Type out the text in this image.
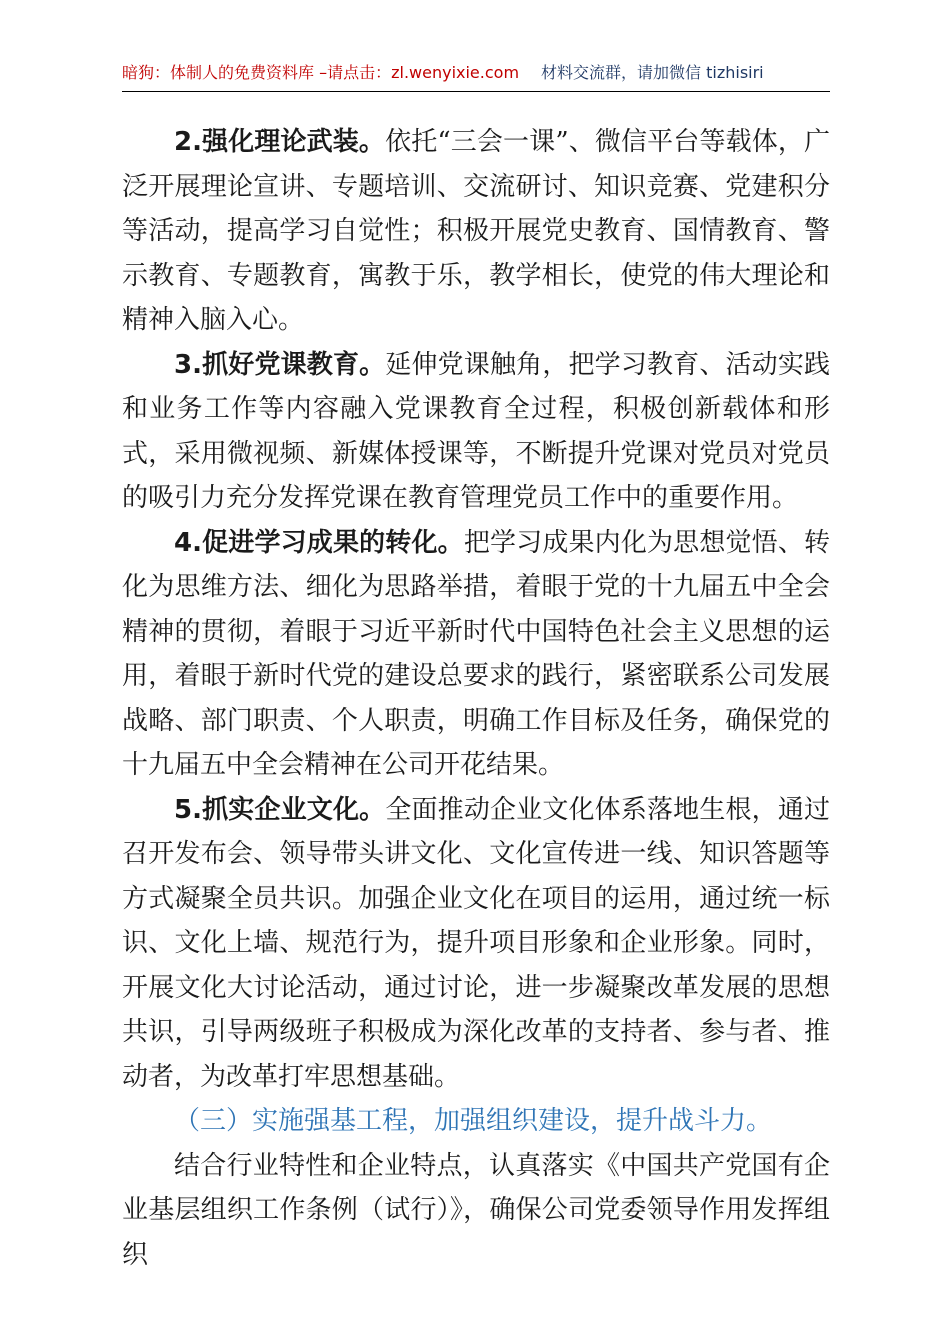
暗狗：体制人的免费资料库 –请点击：zl.wenyixie.com 材料交流群，请加微信 tizhisiri

2.强化理论武装。依托“三会一课”、微信平台等载体，广泛开展理论宣讲、专题培训、交流研讨、知识竞赛、党建积分等活动，提高学习自觉性；积极开展党史教育、国情教育、警示教育、专题教育，寓教于乐，教学相长，使党的伟大理论和精神入脑入心。

3.抓好党课教育。延伸党课触角，把学习教育、活动实践和业务工作等内容融入党课教育全过程，积极创新载体和形式，采用微视频、新媒体授课等，不断提升党课对党员对党员的吸引力充分发挥党课在教育管理党员工作中的重要作用。

4.促进学习成果的转化。把学习成果内化为思想觉悟、转化为思维方法、细化为思路举措，着眼于党的十九届五中全会精神的贯彻，着眼于习近平新时代中国特色社会主义思想的运用，着眼于新时代党的建设总要求的践行，紧密联系公司发展战略、部门职责、个人职责，明确工作目标及任务，确保党的十九届五中全会精神在公司开花结果。

5.抓实企业文化。全面推动企业文化体系落地生根，通过召开发布会、领导带头讲文化、文化宣传进一线、知识答题等方式凝聚全员共识。加强企业文化在项目的运用，通过统一标识、文化上墙、规范行为，提升项目形象和企业形象。同时，开展文化大讨论活动，通过讨论，进一步凝聚改革发展的思想共识，引导两级班子积极成为深化改革的支持者、参与者、推动者，为改革打牢思想基础。

（三）实施强基工程，加强组织建设，提升战斗力。

结合行业特性和企业特点，认真落实《中国共产党国有企业基层组织工作条例（试行）》，确保公司党委领导作用发挥组织
